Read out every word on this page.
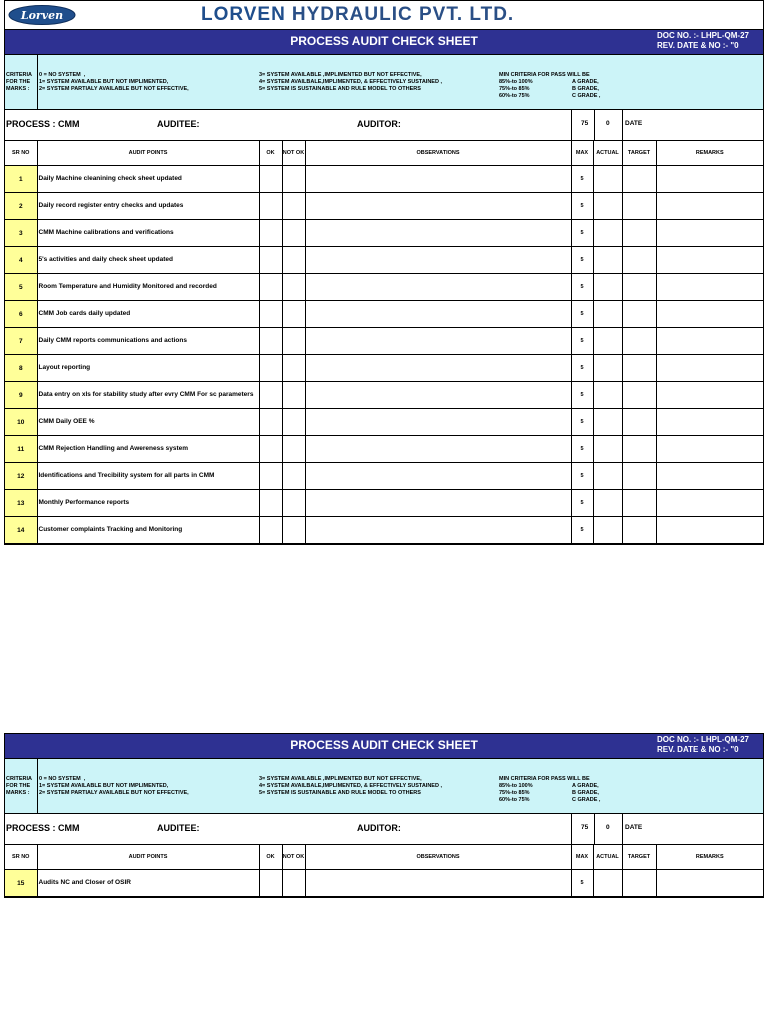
Lorven	LORVEN HYDRAULIC PVT. LTD.
PROCESS AUDIT CHECK SHEET	DOC NO. :- LHPL-QM-27
REV. DATE & NO :- "0
CRITERIA
FOR THE
MARKS :
0 = NO SYSTEM  ,
1= SYSTEM AVAILABLE BUT NOT IMPLIMENTED,
2= SYSTEM PARTIALY AVAILABLE BUT NOT EFFECTIVE,
3= SYSTEM AVAILABLE ,IMPLIMENTED BUT NOT EFFECTIVE,
4= SYSTEM AVAILBALE,IMPLIMENTED, & EFFECTIVELY SUSTAINED ,
5= SYSTEM IS SUSTAINABLE AND RULE MODEL TO OTHERS
MIN CRITERIA FOR PASS WILL BE
85%-to 100%	A GRADE,
75%-to 85%	B GRADE,
60%-to 75%	C GRADE ,
PROCESS : CMM	AUDITEE:	AUDITOR:	75	0 DATE
SR NO	AUDIT POINTS	OK	NOT OK	OBSERVATIONS	MAX	ACTUAL	TARGET	REMARKS
1	Daily Machine cleanining check sheet updated				5			
2	Daily record register entry checks and updates				5			
3	CMM Machine calibrations and verifications				5			
4	5's activities and daily check sheet updated				5			
5	Room Temperature and Humidity Monitored and recorded				5			
6	CMM Job cards daily updated				5			
7	Daily CMM reports communications and actions				5			
8	Layout reporting				5			
9	Data entry on xls for stability study after evry CMM For sc parameters				5			
10	CMM Daily OEE %				5			
11	CMM Rejection Handling and Awereness system				5			
12	Identifications and Trecibility system for all parts in CMM				5			
13	Monthly Performance reports				5			
14	Customer complaints Tracking and Monitoring				5			
PROCESS AUDIT CHECK SHEET	DOC NO. :- LHPL-QM-27
REV. DATE & NO :- "0
CRITERIA
FOR THE
MARKS :
0 = NO SYSTEM  ,
1= SYSTEM AVAILABLE BUT NOT IMPLIMENTED,
2= SYSTEM PARTIALY AVAILABLE BUT NOT EFFECTIVE,
3= SYSTEM AVAILABLE ,IMPLIMENTED BUT NOT EFFECTIVE,
4= SYSTEM AVAILBALE,IMPLIMENTED, & EFFECTIVELY SUSTAINED ,
5= SYSTEM IS SUSTAINABLE AND RULE MODEL TO OTHERS
MIN CRITERIA FOR PASS WILL BE
85%-to 100%	A GRADE,
75%-to 85%	B GRADE,
60%-to 75%	C GRADE ,
PROCESS : CMM	AUDITEE:	AUDITOR:	75	0 DATE
SR NO	AUDIT POINTS	OK	NOT OK	OBSERVATIONS	MAX	ACTUAL	TARGET	REMARKS
15	Audits NC and Closer of OSIR				5			
